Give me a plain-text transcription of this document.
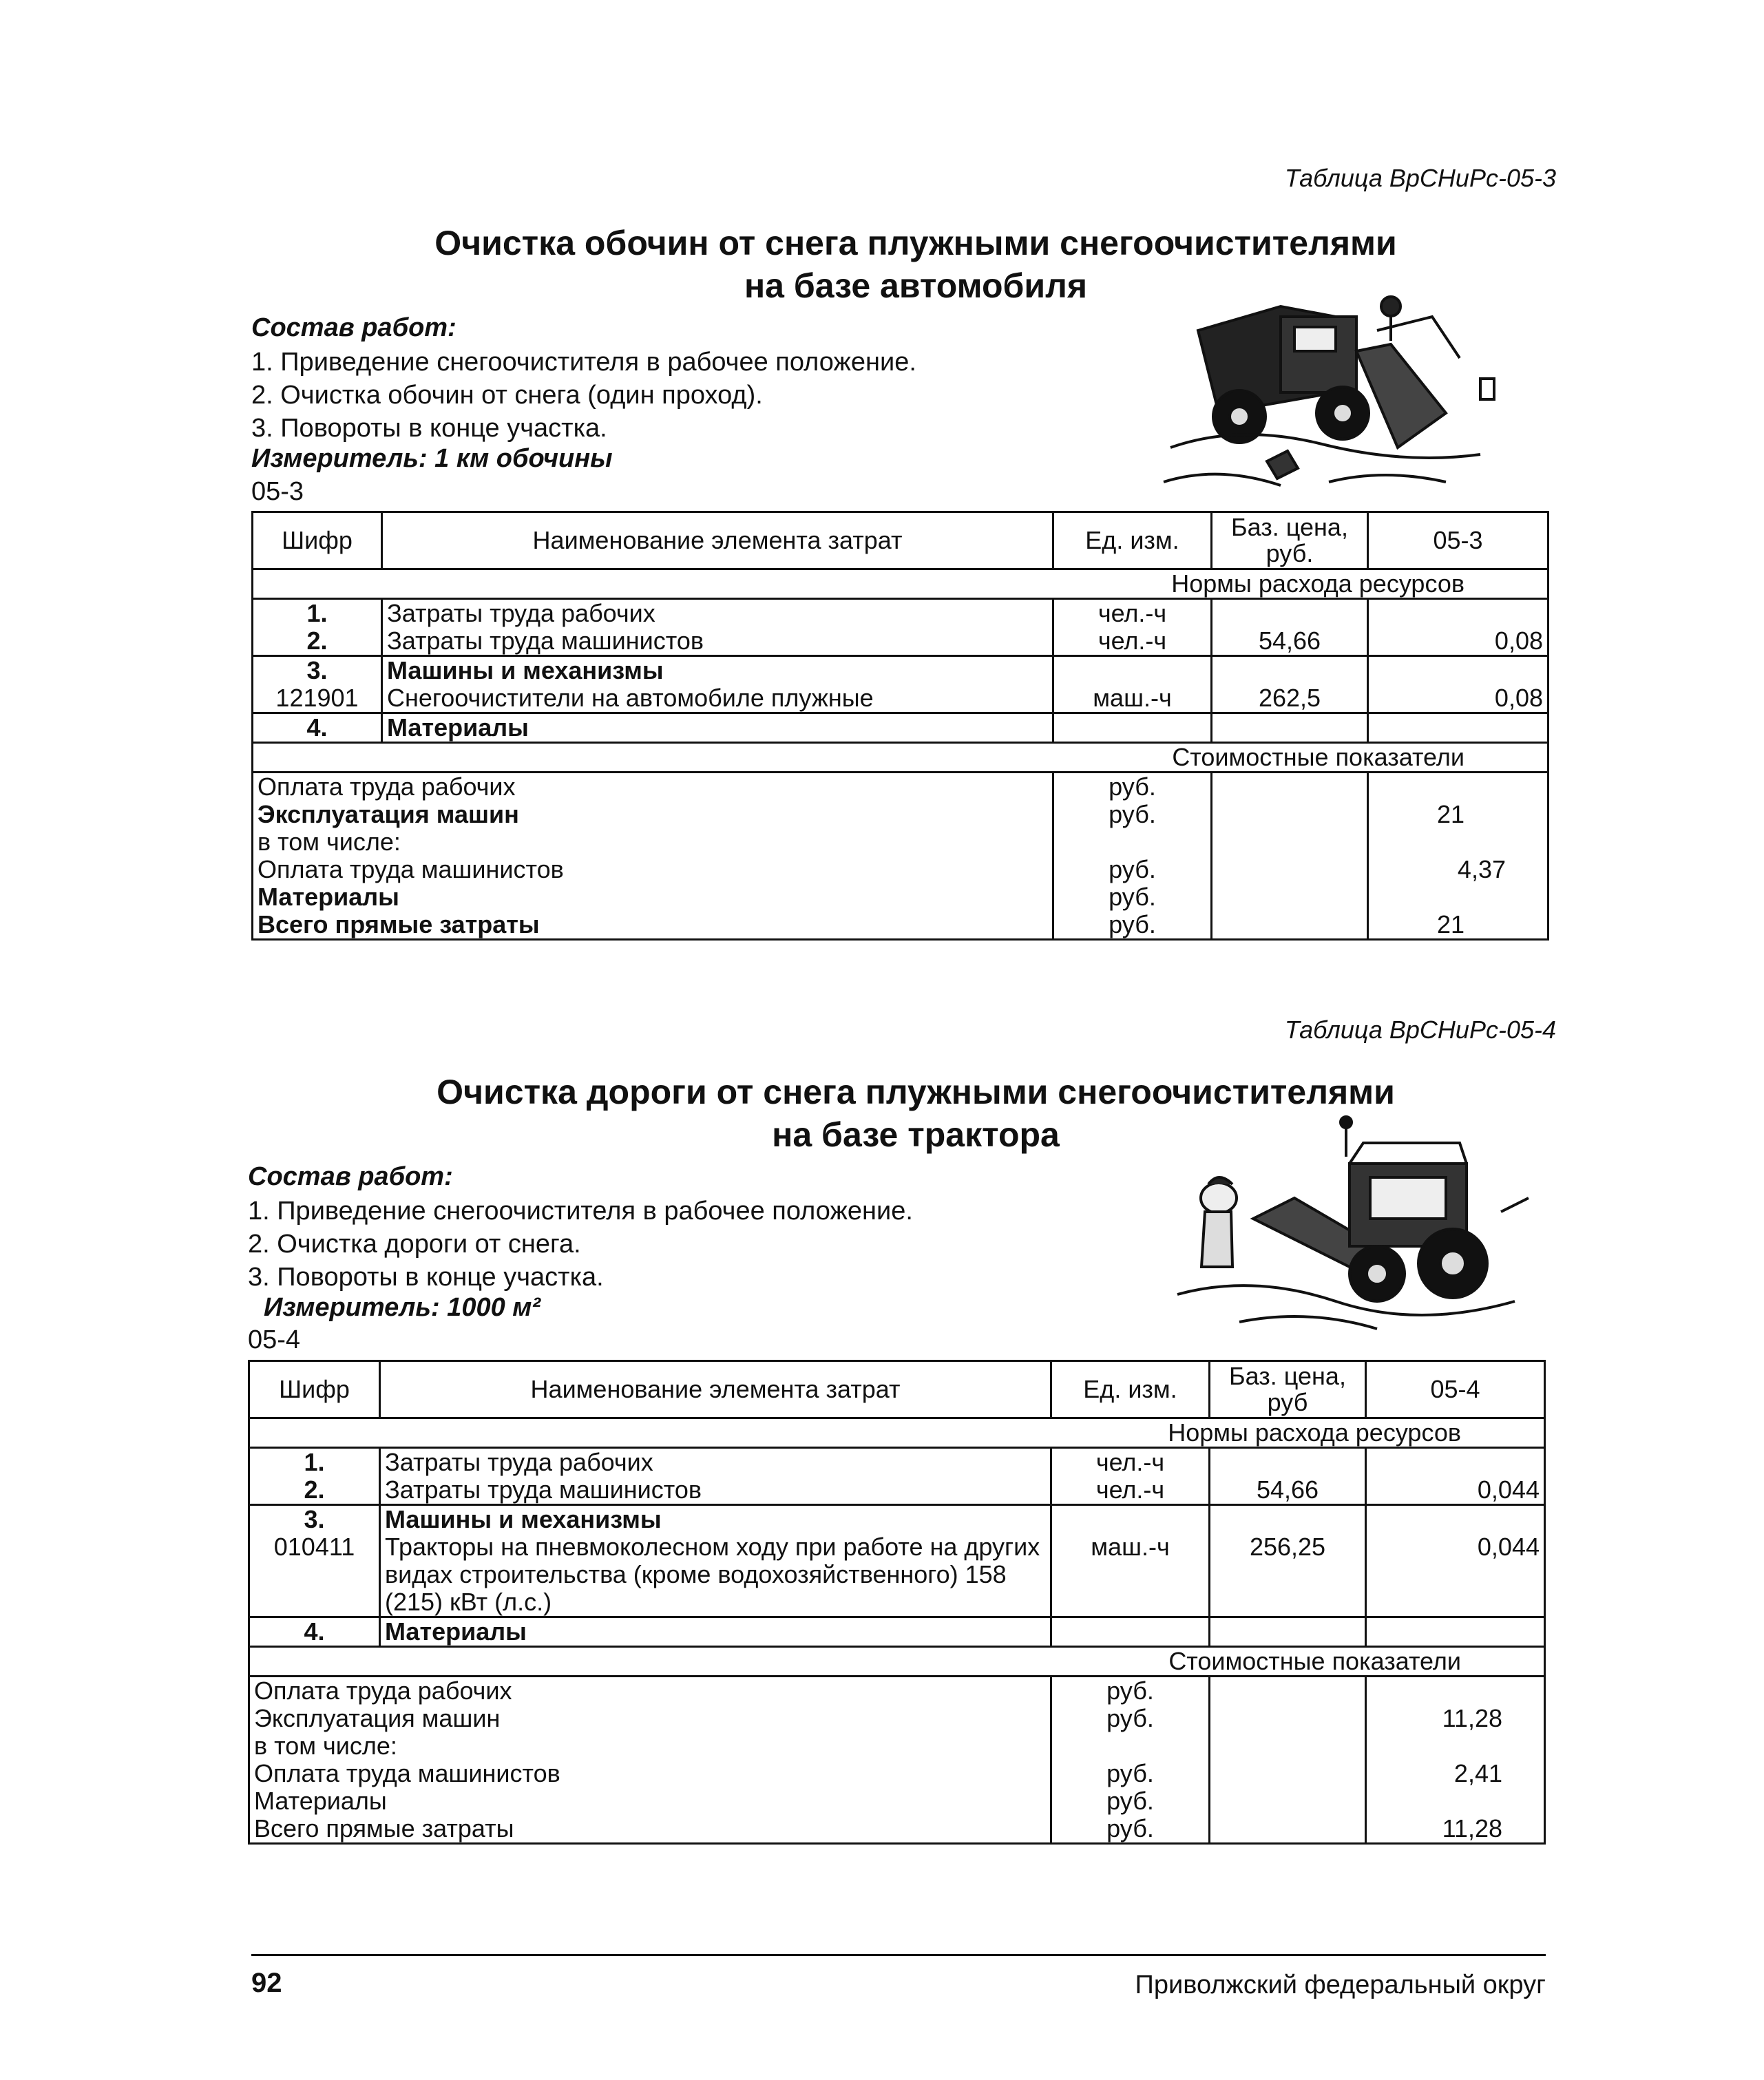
Таблица ВрСНиРс-05-3
Очистка обочин от снега плужными снегоочистителями
на базе автомобиля
Состав работ:
1. Приведение снегоочистителя в рабочее положение.
2. Очистка обочин от снега (один проход).
3. Повороты в конце участка.
Измеритель: 1 км обочины
05-3
Шифр	Наименование элемента затрат	Ед. изм.	Баз. цена, руб.	05-3
Нормы расхода ресурсов				
1.	Затраты труда рабочих	чел.-ч		
2.	Затраты труда машинистов	чел.-ч	54,66	0,08
3.	Машины и механизмы			
121901	Снегоочистители на автомобиле плужные	маш.-ч	262,5	0,08
4.	Материалы			
Стоимостные показатели				
Оплата труда рабочих		руб.		
Эксплуатация машин		руб.		21
в том числе:				
Оплата труда машинистов		руб.		4,37
Материалы		руб.		
Всего прямые затраты		руб.		21
Таблица ВрСНиРс-05-4
Очистка дороги от снега плужными снегоочистителями
на базе трактора
Состав работ:
1. Приведение снегоочистителя в рабочее положение.
2. Очистка дороги от снега.
3. Повороты в конце участка.
Измеритель: 1000 м²
05-4
Шифр	Наименование элемента затрат	Ед. изм.	Баз. цена, руб	05-4
Нормы расхода ресурсов				
1.	Затраты труда рабочих	чел.-ч		
2.	Затраты труда машинистов	чел.-ч	54,66	0,044
3.	Машины и механизмы			
010411	Тракторы на пневмоколесном ходу при работе на других видах строительства (кроме водохозяйственного) 158 (215) кВт (л.с.)	маш.-ч	256,25	0,044
4.	Материалы			
Стоимостные показатели				
Оплата труда рабочих		руб.		
Эксплуатация машин		руб.		11,28
в том числе:				
Оплата труда машинистов		руб.		2,41
Материалы		руб.		
Всего прямые затраты		руб.		11,28
92	Приволжский федеральный округ
